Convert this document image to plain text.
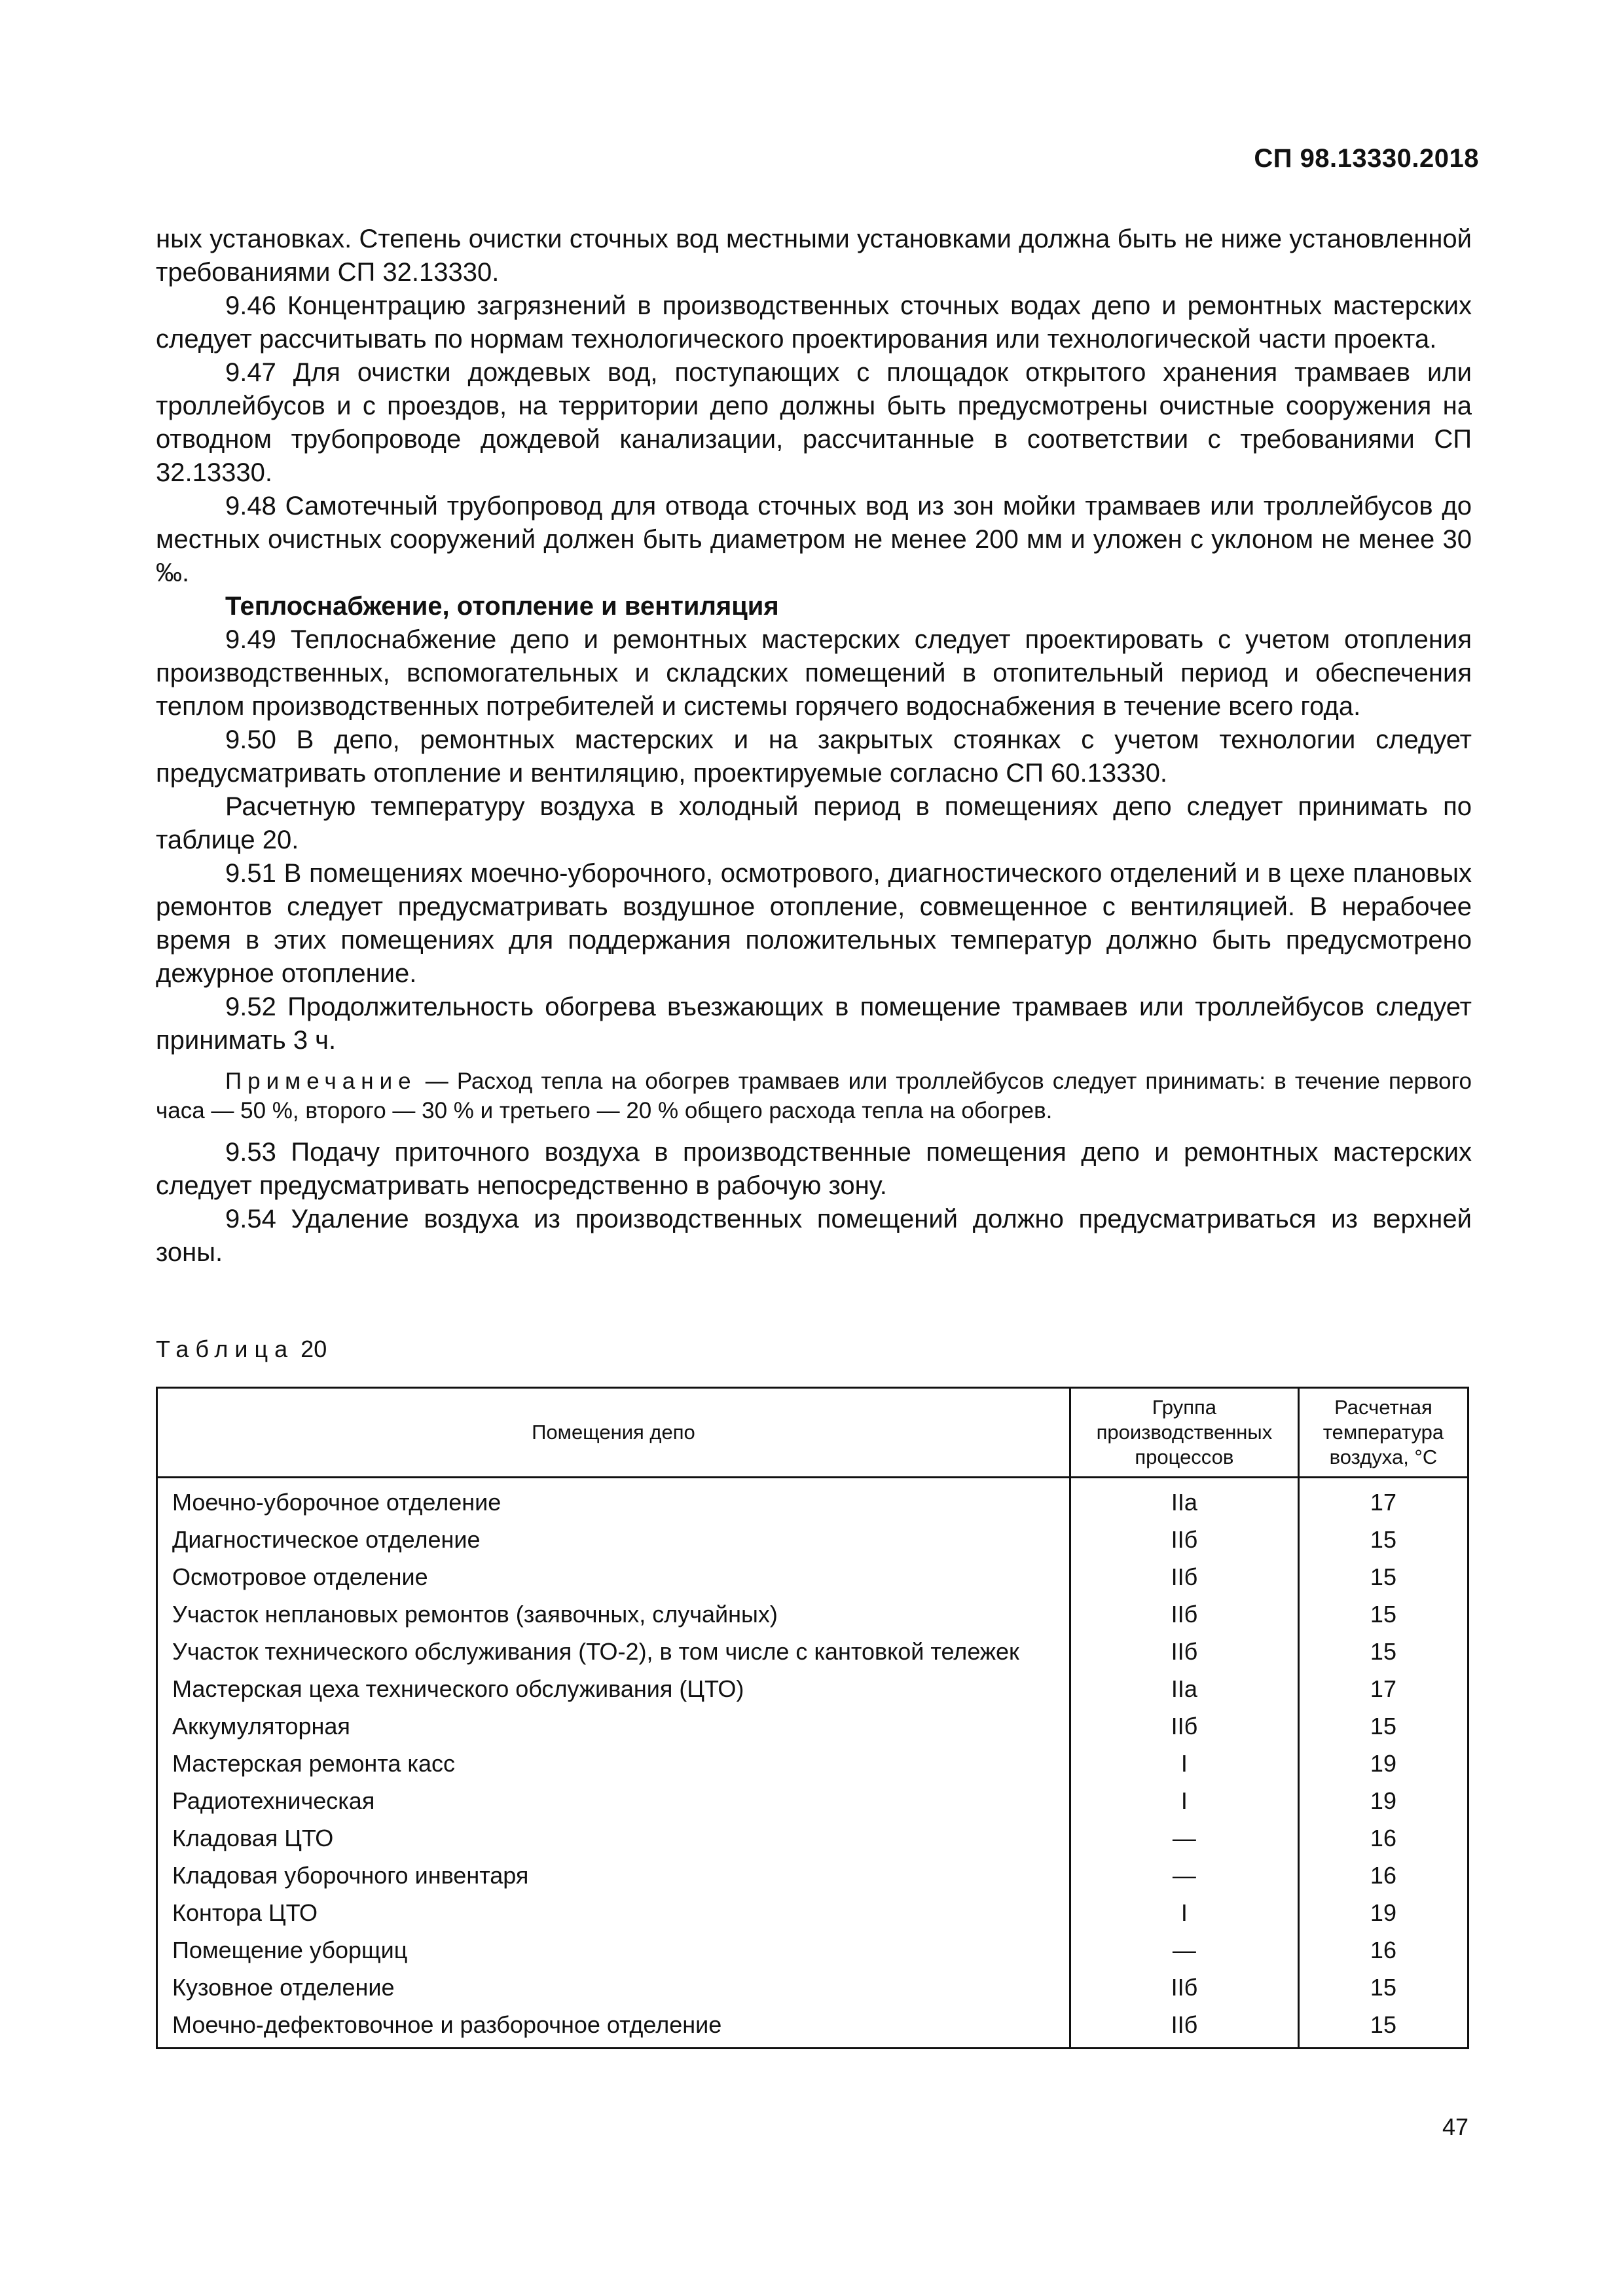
СП 98.13330.2018

ных установках. Степень очистки сточных вод местными установками должна быть не ниже установленной требованиями СП 32.13330.

9.46 Концентрацию загрязнений в производственных сточных водах депо и ремонтных мастерских следует рассчитывать по нормам технологического проектирования или технологической части проекта.

9.47 Для очистки дождевых вод, поступающих с площадок открытого хранения трамваев или троллейбусов и с проездов, на территории депо должны быть предусмотрены очистные сооружения на отводном трубопроводе дождевой канализации, рассчитанные в соответствии с требованиями СП 32.13330.

9.48 Самотечный трубопровод для отвода сточных вод из зон мойки трамваев или троллейбусов до местных очистных сооружений должен быть диаметром не менее 200 мм и уложен с уклоном не менее 30 ‰.

Теплоснабжение, отопление и вентиляция

9.49 Теплоснабжение депо и ремонтных мастерских следует проектировать с учетом отопления производственных, вспомогательных и складских помещений в отопительный период и обеспечения теплом производственных потребителей и системы горячего водоснабжения в течение всего года.

9.50 В депо, ремонтных мастерских и на закрытых стоянках с учетом технологии следует предусматривать отопление и вентиляцию, проектируемые согласно СП 60.13330.

Расчетную температуру воздуха в холодный период в помещениях депо следует принимать по таблице 20.

9.51 В помещениях моечно-уборочного, осмотрового, диагностического отделений и в цехе плановых ремонтов следует предусматривать воздушное отопление, совмещенное с вентиляцией. В нерабочее время в этих помещениях для поддержания положительных температур должно быть предусмотрено дежурное отопление.

9.52 Продолжительность обогрева въезжающих в помещение трамваев или троллейбусов следует принимать 3 ч.

Примечание — Расход тепла на обогрев трамваев или троллейбусов следует принимать: в течение первого часа — 50 %, второго — 30 % и третьего — 20 % общего расхода тепла на обогрев.

9.53 Подачу приточного воздуха в производственные помещения депо и ремонтных мастерских следует предусматривать непосредственно в рабочую зону.

9.54 Удаление воздуха из производственных помещений должно предусматриваться из верхней зоны.

Таблица 20
Помещения депо	Группа производственных процессов	Расчетная температура воздуха, °С
Моечно-уборочное отделение	IIa	17
Диагностическое отделение	IIб	15
Осмотровое отделение	IIб	15
Участок неплановых ремонтов (заявочных, случайных)	IIб	15
Участок технического обслуживания (ТО-2), в том числе с кантовкой тележек	IIб	15
Мастерская цеха технического обслуживания (ЦТО)	IIa	17
Аккумуляторная	IIб	15
Мастерская ремонта касс	I	19
Радиотехническая	I	19
Кладовая ЦТО	—	16
Кладовая уборочного инвентаря	—	16
Контора ЦТО	I	19
Помещение уборщиц	—	16
Кузовное отделение	IIб	15
Моечно-дефектовочное и разборочное отделение	IIб	15
47
